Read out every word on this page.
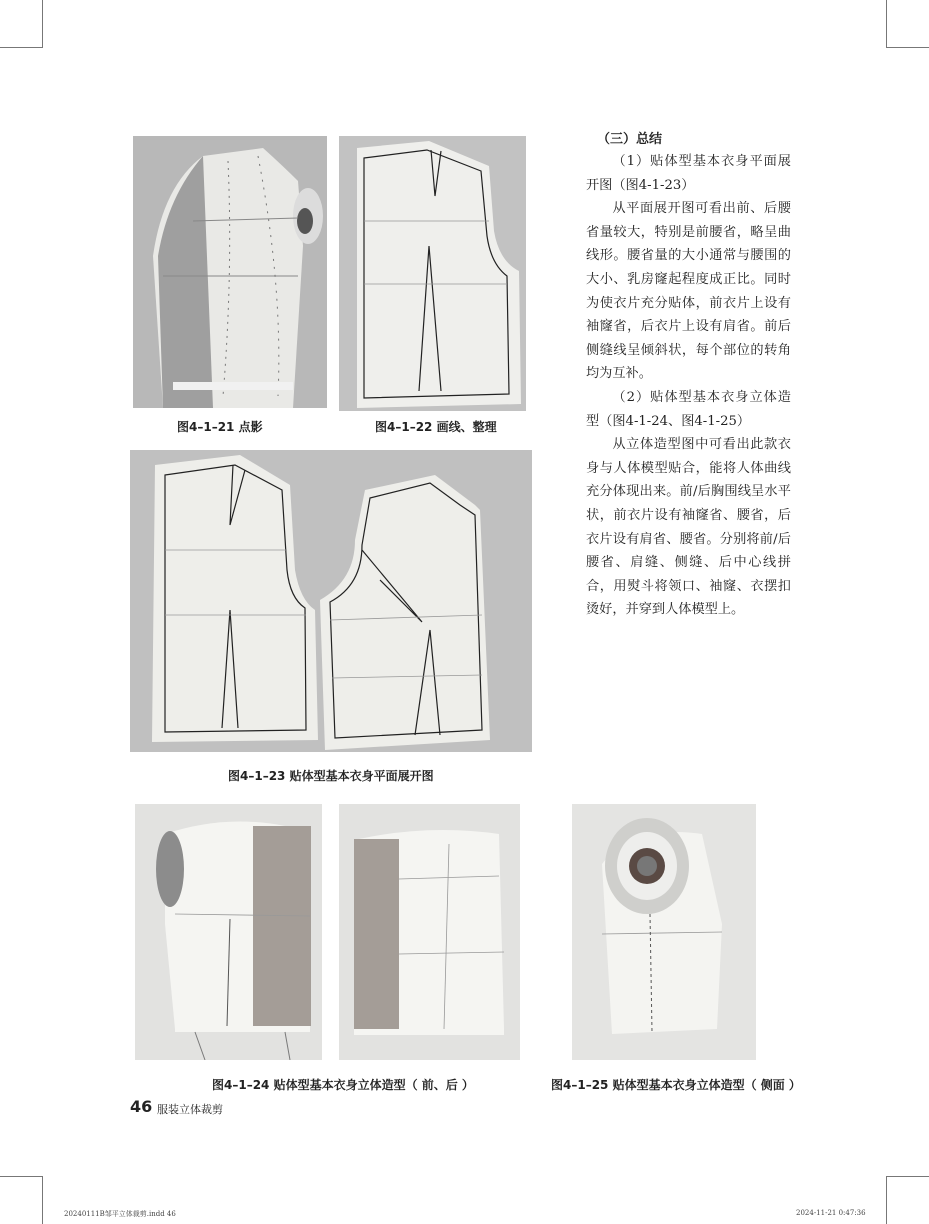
图4–1–21 点影	图4–1–22 画线、整理
图4–1–23 贴体型基本衣身平面展开图
图4–1–24 贴体型基本衣身立体造型（ 前、后 ）	图4–1–25 贴体型基本衣身立体造型（ 侧面 ）
（三）总结

（1）贴体型基本衣身平面展开图（图4-1-23）

从平面展开图可看出前、后腰省量较大，特别是前腰省，略呈曲线形。腰省量的大小通常与腰围的大小、乳房窿起程度成正比。同时为使衣片充分贴体，前衣片上设有袖窿省，后衣片上设有肩省。前后侧缝线呈倾斜状，每个部位的转角均为互补。

（2）贴体型基本衣身立体造型（图4-1-24、图4-1-25）

从立体造型图中可看出此款衣身与人体模型贴合，能将人体曲线充分体现出来。前/后胸围线呈水平状，前衣片设有袖窿省、腰省，后衣片设有肩省、腰省。分别将前/后腰省、肩缝、侧缝、后中心线拼合，用熨斗将领口、袖窿、衣摆扣烫好，并穿到人体模型上。

46 服装立体裁剪
20240111B邹平立体裁剪.indd 46	2024-11-21 0:47:36
